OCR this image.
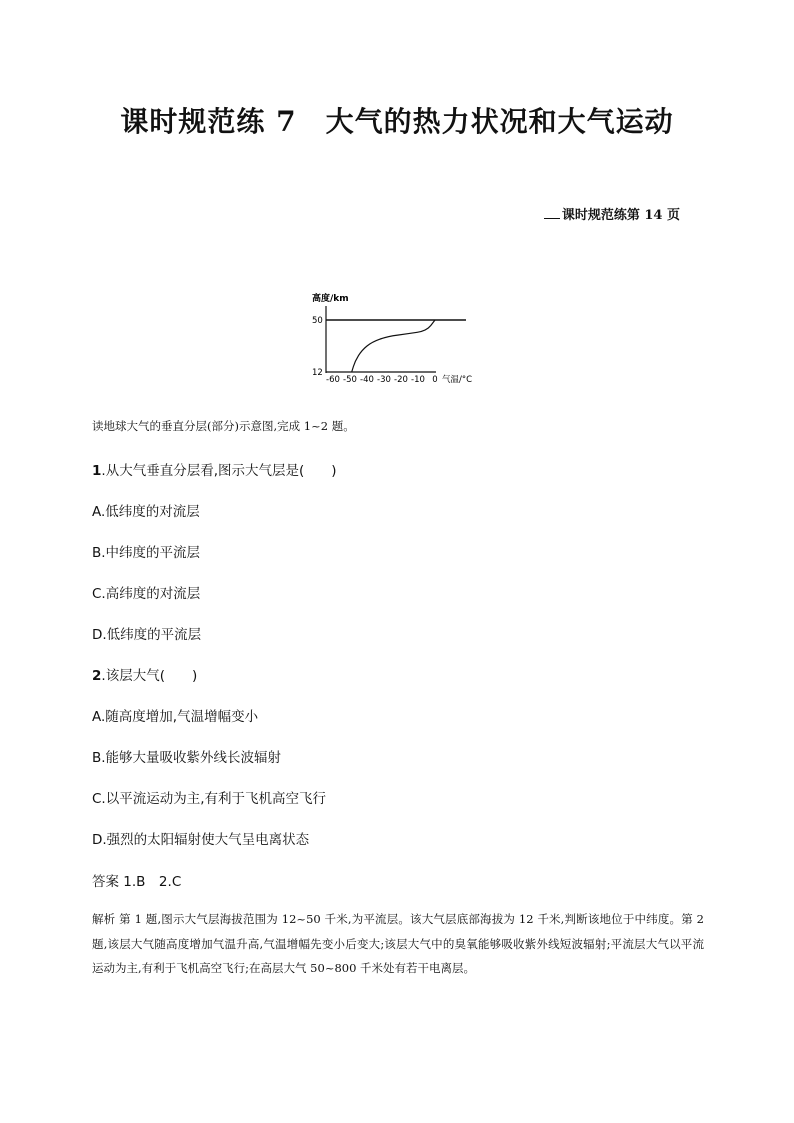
课时规范练 7　大气的热力状况和大气运动
课时规范练第 14 页
高度/km
50
12
-60 -50 -40 -30 -20 -10 0 气温/°C
读地球大气的垂直分层(部分)示意图,完成 1~2 题。
1.从大气垂直分层看,图示大气层是(　　)
A.低纬度的对流层
B.中纬度的平流层
C.高纬度的对流层
D.低纬度的平流层
2.该层大气(　　)
A.随高度增加,气温增幅变小
B.能够大量吸收紫外线长波辐射
C.以平流运动为主,有利于飞机高空飞行
D.强烈的太阳辐射使大气呈电离状态
答案 1.B　2.C
解析 第 1 题,图示大气层海拔范围为 12~50 千米,为平流层。该大气层底部海拔为 12 千米,判断该地位于中纬度。第 2 题,该层大气随高度增加气温升高,气温增幅先变小后变大;该层大气中的臭氧能够吸收紫外线短波辐射;平流层大气以平流运动为主,有利于飞机高空飞行;在高层大气 50~800 千米处有若干电离层。
